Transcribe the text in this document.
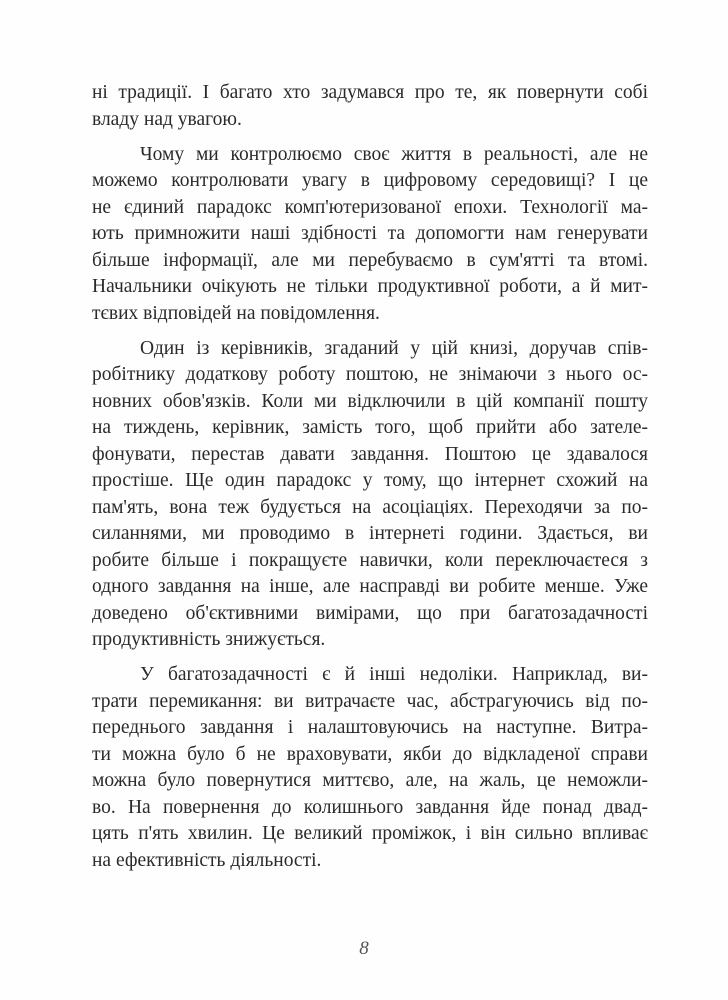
ні традиції. І багато хто задумався про те, як повернути собі
владу над увагою.
Чому ми контролюємо своє життя в реальності, але не
можемо контролювати увагу в цифровому середовищі? І це
не єдиний парадокс комп'ютеризованої епохи. Технології ма-
ють примножити наші здібності та допомогти нам генерувати
більше інформації, але ми перебуваємо в сум'ятті та втомі.
Начальники очікують не тільки продуктивної роботи, а й мит-
тєвих відповідей на повідомлення.
Один із керівників, згаданий у цій книзі, доручав спів-
робітнику додаткову роботу поштою, не знімаючи з нього ос-
новних обов'язків. Коли ми відключили в цій компанії пошту
на тиждень, керівник, замість того, щоб прийти або зателе-
фонувати, перестав давати завдання. Поштою це здавалося
простіше. Ще один парадокс у тому, що інтернет схожий на
пам'ять, вона теж будується на асоціаціях. Переходячи за по-
силаннями, ми проводимо в інтернеті години. Здається, ви
робите більше і покращуєте навички, коли переключаєтеся з
одного завдання на інше, але насправді ви робите менше. Уже
доведено об'єктивними вимірами, що при багатозадачності
продуктивність знижується.
У багатозадачності є й інші недоліки. Наприклад, ви-
трати перемикання: ви витрачаєте час, абстрагуючись від по-
переднього завдання і налаштовуючись на наступне. Витра-
ти можна було б не враховувати, якби до відкладеної справи
можна було повернутися миттєво, але, на жаль, це неможли-
во. На повернення до колишнього завдання йде понад двад-
цять п'ять хвилин. Це великий проміжок, і він сильно впливає
на ефективність діяльності.
8
